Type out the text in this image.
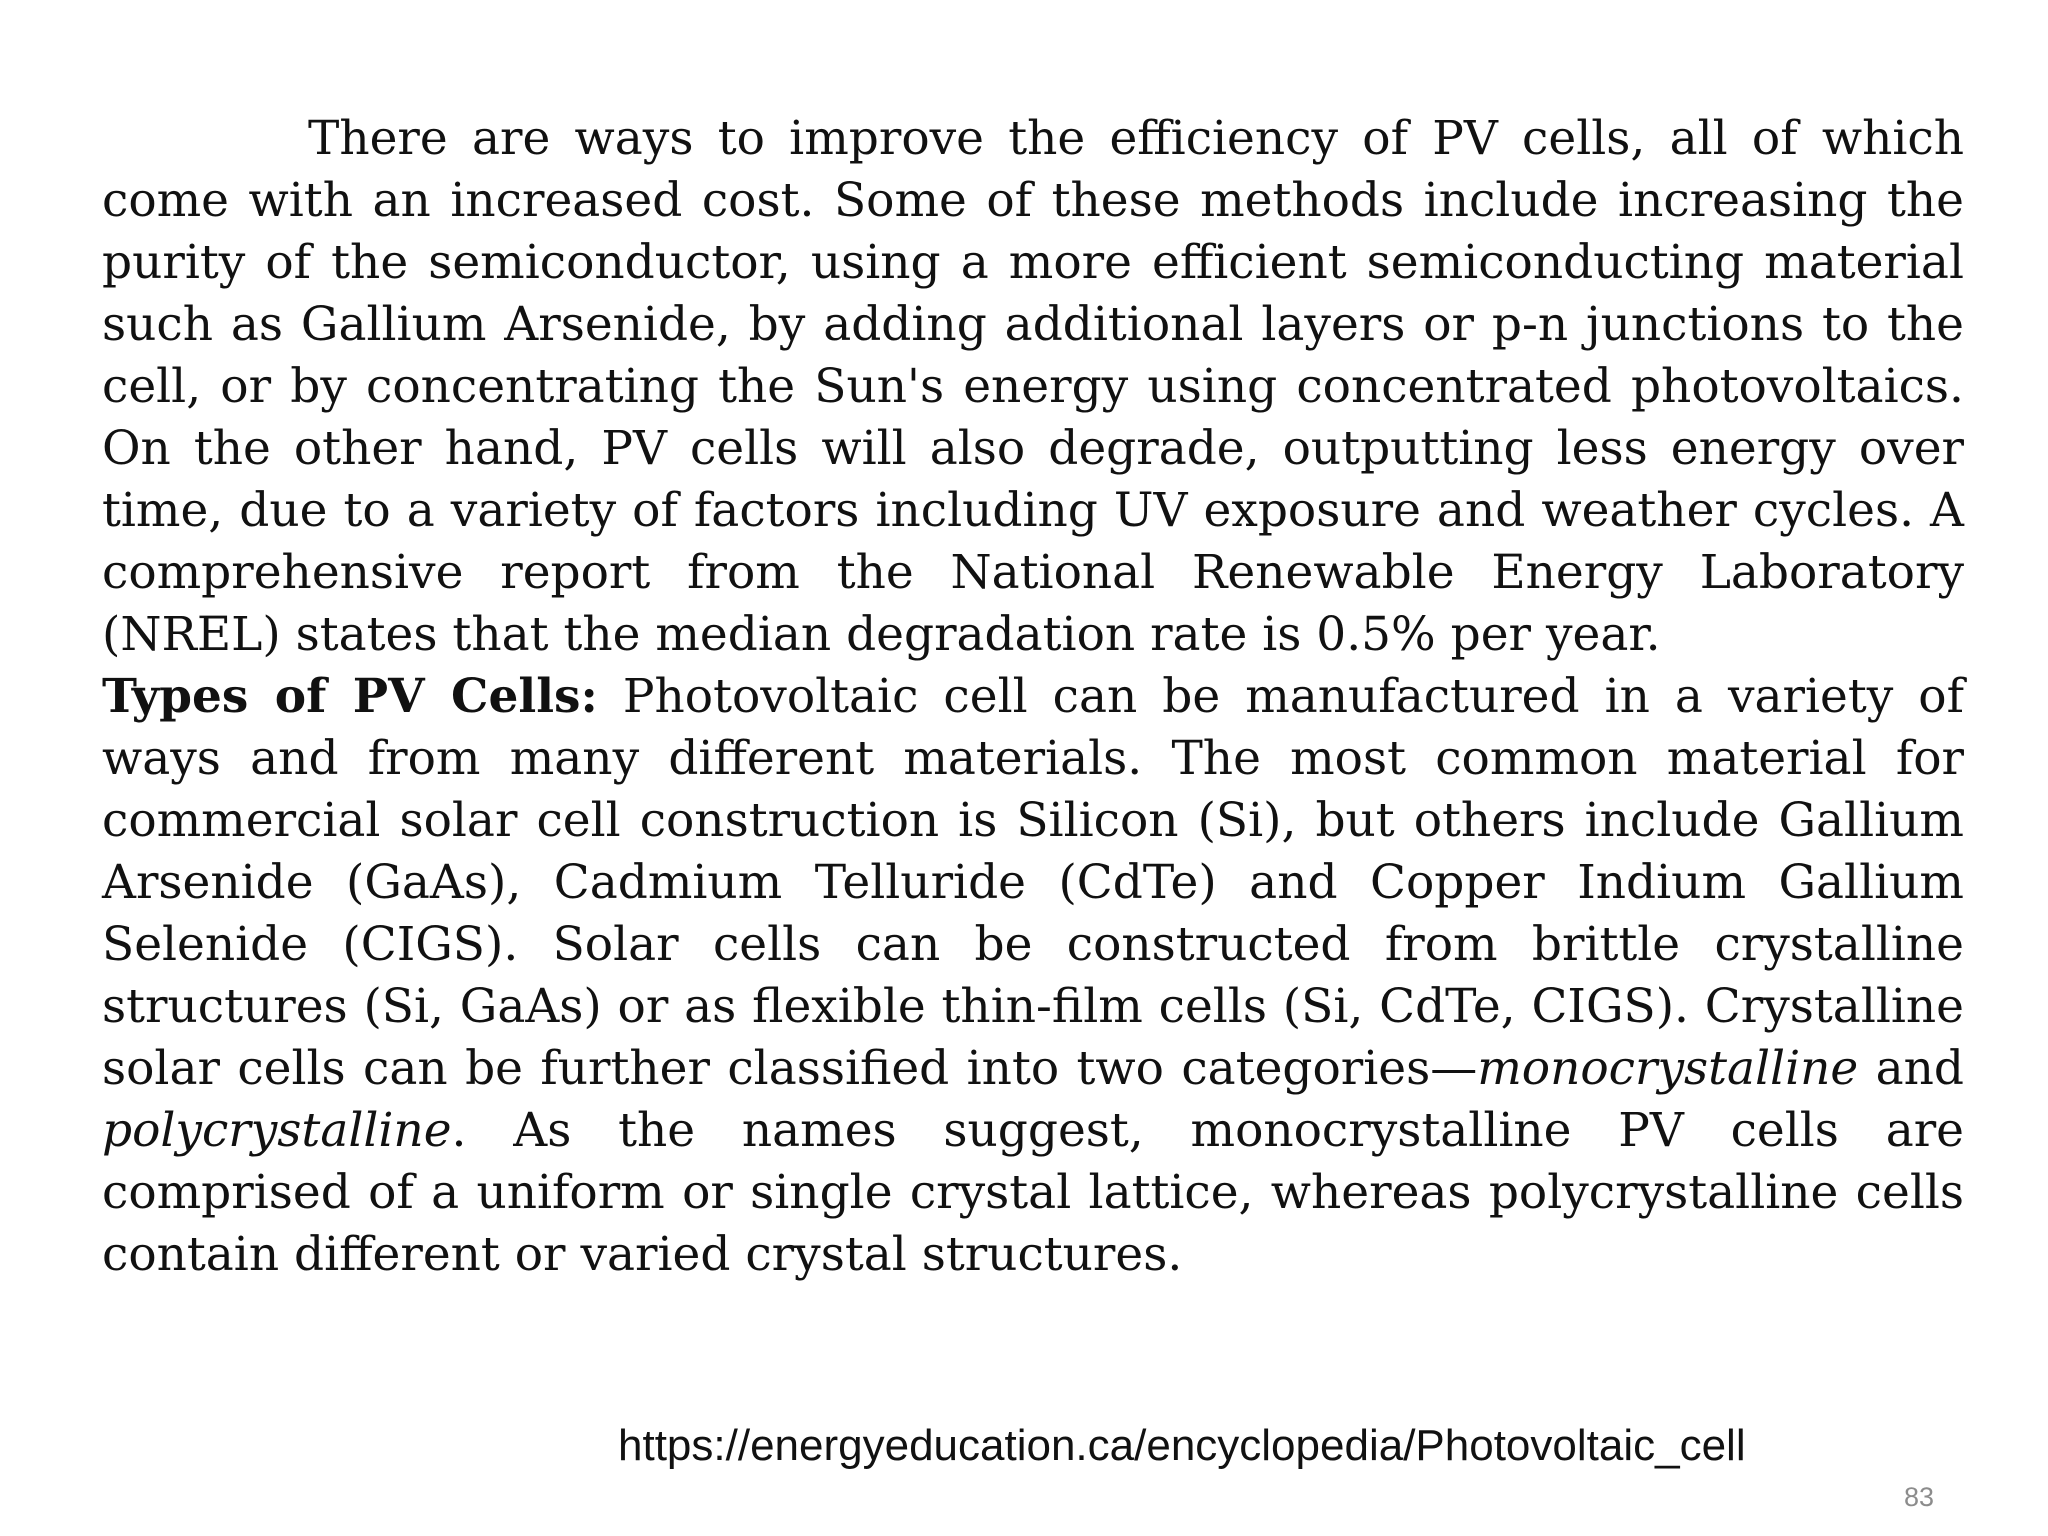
There are ways to improve the efficiency of PV cells, all of which come with an increased cost. Some of these methods include increasing the purity of the semiconductor, using a more efficient semiconducting material such as Gallium Arsenide, by adding additional layers or p-n junctions to the cell, or by concentrating the Sun's energy using concentrated photovoltaics. On the other hand, PV cells will also degrade, outputting less energy over time, due to a variety of factors including UV exposure and weather cycles. A comprehensive report from the National Renewable Energy Laboratory (NREL) states that the median degradation rate is 0.5% per year.

Types of PV Cells: Photovoltaic cell can be manufactured in a variety of ways and from many different materials. The most common material for commercial solar cell construction is Silicon (Si), but others include Gallium Arsenide (GaAs), Cadmium Telluride (CdTe) and Copper Indium Gallium Selenide (CIGS). Solar cells can be constructed from brittle crystalline structures (Si, GaAs) or as flexible thin-film cells (Si, CdTe, CIGS). Crystalline solar cells can be further classified into two categories—monocrystalline and polycrystalline. As the names suggest, monocrystalline PV cells are comprised of a uniform or single crystal lattice, whereas polycrystalline cells contain different or varied crystal structures.

https://energyeducation.ca/encyclopedia/Photovoltaic_cell
83
